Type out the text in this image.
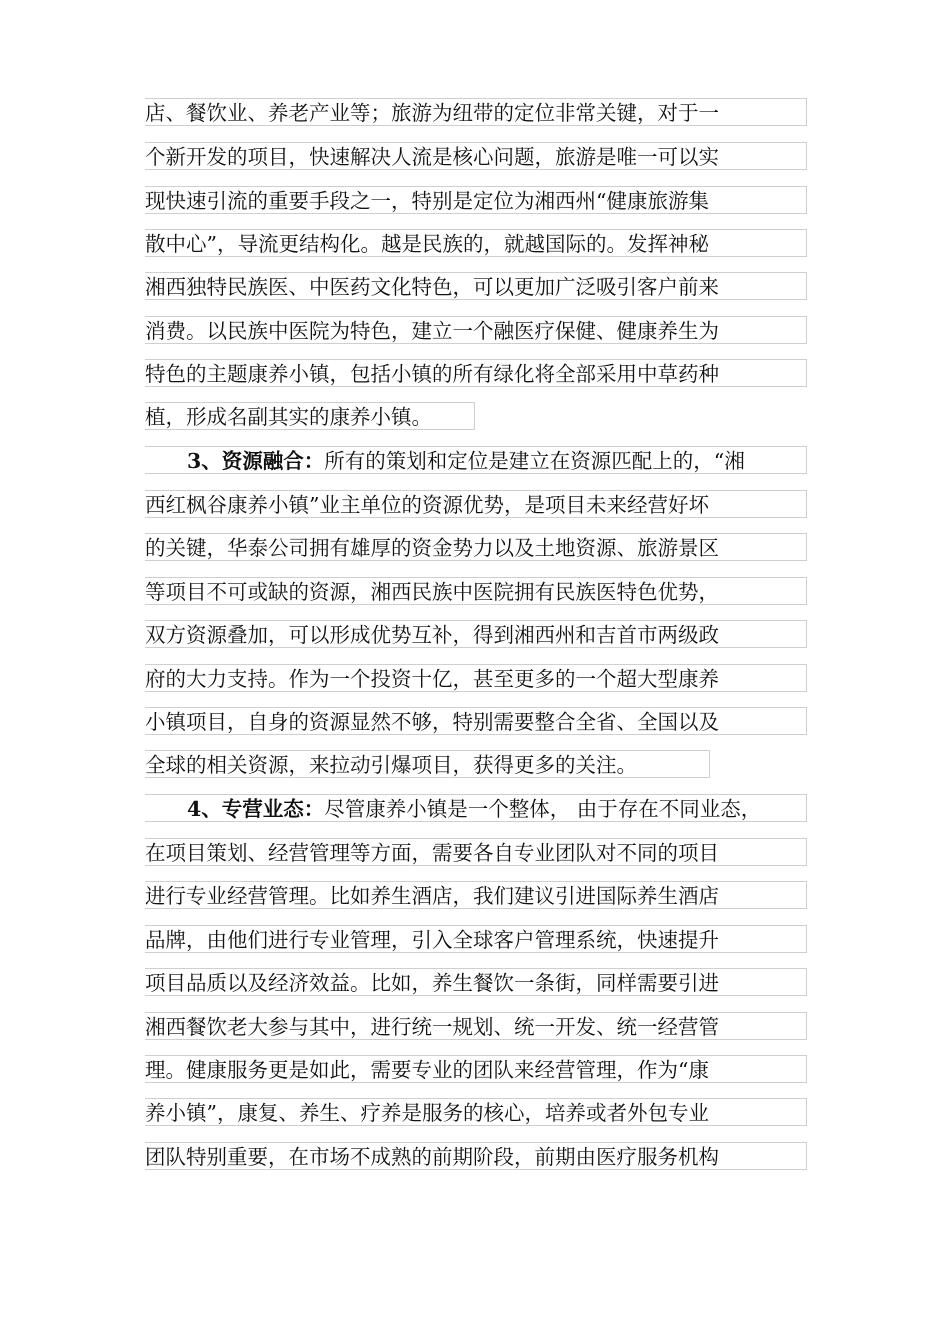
店、餐饮业、养老产业等；旅游为纽带的定位非常关键，对于一
个新开发的项目，快速解决人流是核心问题，旅游是唯一可以实
现快速引流的重要手段之一，特别是定位为湘西州“健康旅游集
散中心”，导流更结构化。越是民族的，就越国际的。发挥神秘
湘西独特民族医、中医药文化特色，可以更加广泛吸引客户前来
消费。以民族中医院为特色，建立一个融医疗保健、健康养生为
特色的主题康养小镇，包括小镇的所有绿化将全部采用中草药种
植，形成名副其实的康养小镇。
3、资源融合：所有的策划和定位是建立在资源匹配上的，“湘
西红枫谷康养小镇”业主单位的资源优势，是项目未来经营好坏
的关键，华泰公司拥有雄厚的资金势力以及土地资源、旅游景区
等项目不可或缺的资源，湘西民族中医院拥有民族医特色优势，
双方资源叠加，可以形成优势互补，得到湘西州和吉首市两级政
府的大力支持。作为一个投资十亿，甚至更多的一个超大型康养
小镇项目，自身的资源显然不够，特别需要整合全省、全国以及
全球的相关资源，来拉动引爆项目，获得更多的关注。
4、专营业态：尽管康养小镇是一个整体， 由于存在不同业态，
在项目策划、经营管理等方面，需要各自专业团队对不同的项目
进行专业经营管理。比如养生酒店，我们建议引进国际养生酒店
品牌，由他们进行专业管理，引入全球客户管理系统，快速提升
项目品质以及经济效益。比如，养生餐饮一条街，同样需要引进
湘西餐饮老大参与其中，进行统一规划、统一开发、统一经营管
理。健康服务更是如此，需要专业的团队来经营管理，作为“康
养小镇”，康复、养生、疗养是服务的核心，培养或者外包专业
团队特别重要，在市场不成熟的前期阶段，前期由医疗服务机构
